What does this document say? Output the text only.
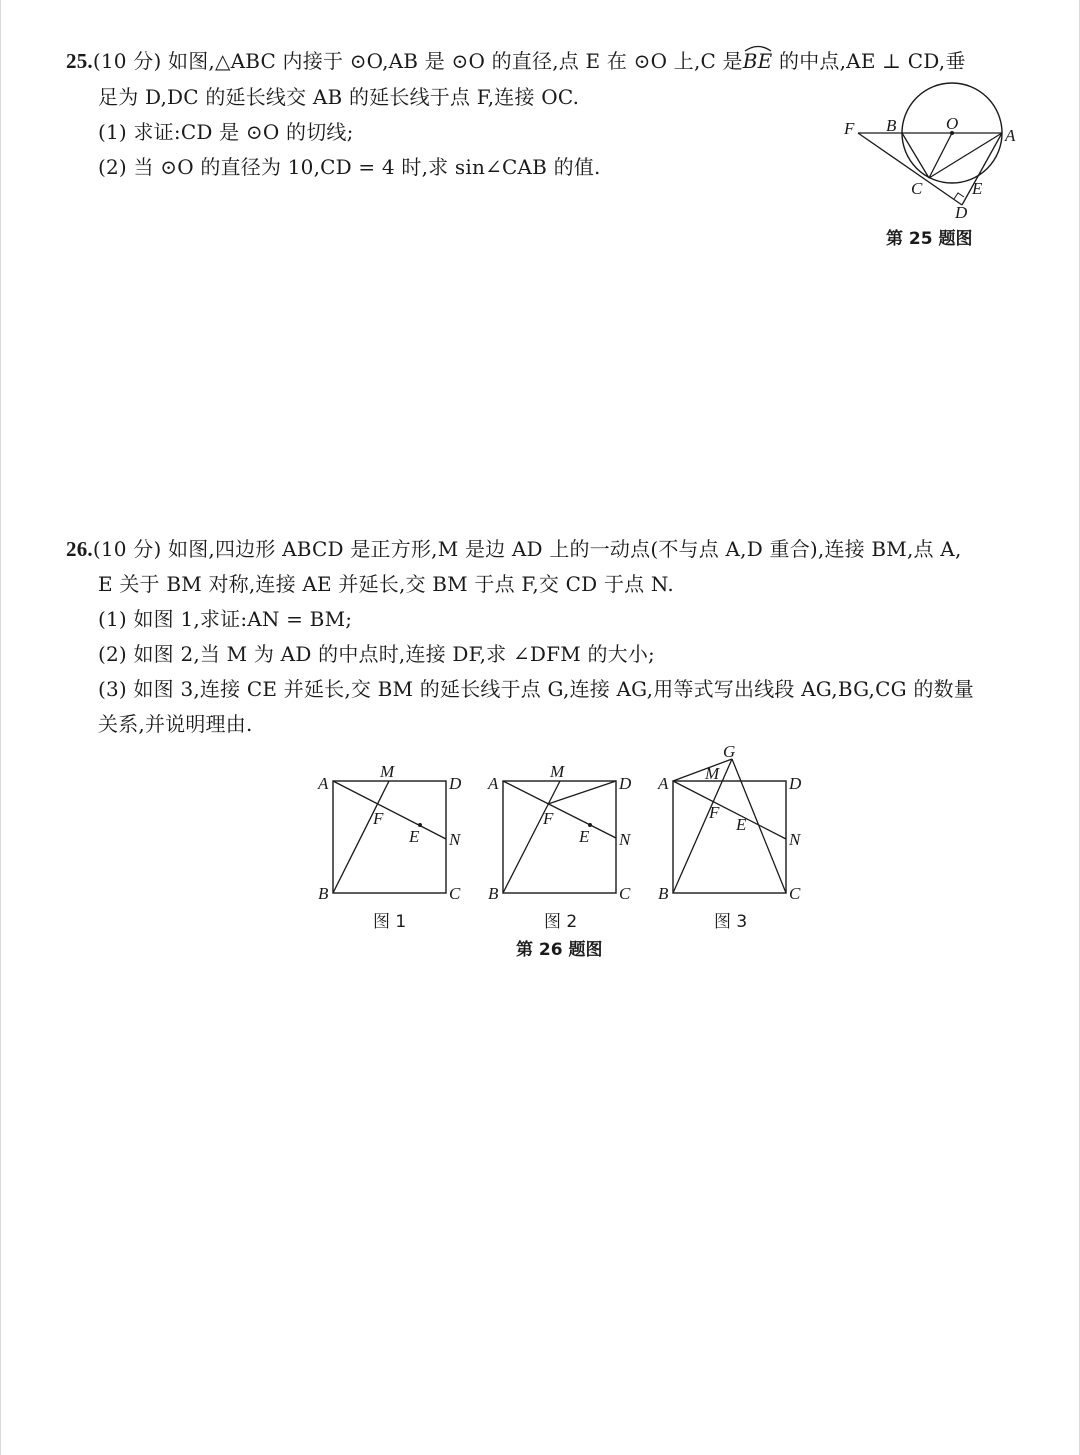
25.(10 分) 如图,△ABC 内接于 ⊙O,AB 是 ⊙O 的直径,点 E 在 ⊙O 上,C 是
BE 的中点,AE ⊥ CD,垂
足为 D,DC 的延长线交 AB 的延长线于点 F,连接 OC.
(1) 求证:CD 是 ⊙O 的切线;
(2) 当 ⊙O 的直径为 10,CD = 4 时,求 sin∠CAB 的值.
F B	O
A
C	E
D
第 25 题图
26.(10 分) 如图,四边形 ABCD 是正方形,M 是边 AD 上的一动点(不与点 A,D 重合),连接 BM,点 A,
E 关于 BM 对称,连接 AE 并延长,交 BM 于点 F,交 CD 于点 N.
(1) 如图 1,求证:AN = BM;
(2) 如图 2,当 M 为 AD 的中点时,连接 DF,求 ∠DFM 的大小;
(3) 如图 3,连接 CE 并延长,交 BM 的延长线于点 G,连接 AG,用等式写出线段 AG,BG,CG 的数量
关系,并说明理由.
A
M
D
F
E N
B	C
A
M
D
F
E N
B	C
A
G
M
D
F
E
N
B	C
图 1	图 2	图 3
第 26 题图
